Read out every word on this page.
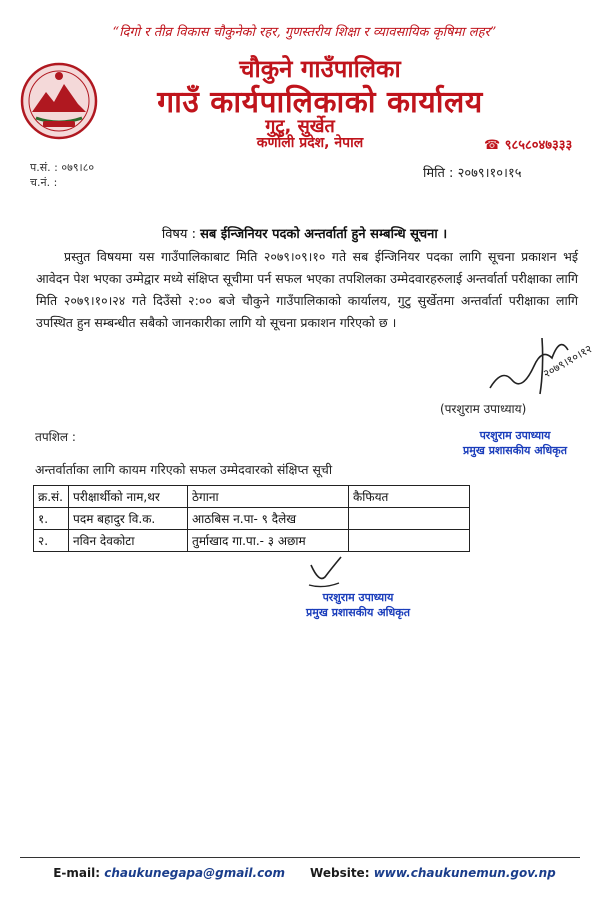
“दिगो र तीव्र विकास चौकुनेको रहर, गुणस्तरीय शिक्षा र व्यावसायिक कृषिमा लहर”
चौकुने गाउँपालिका
गाउँ कार्यपालिकाको कार्यालय
गुटु, सुर्खेत
कर्णाली प्रदेश, नेपाल	☎ ९८५८०४७३३३
प.सं. : ०७९।८०
च.नं. :
मिति : २०७९।१०।१५
विषय : सब ईन्जिनियर पदको अन्तर्वार्ता हुने सम्बन्धि सूचना ।
प्रस्तुत विषयमा यस गाउँपालिकाबाट मिति २०७९।०९।१० गते सब ईन्जिनियर पदका लागि सूचना प्रकाशन भई आवेदन पेश भएका उम्मेद्वार मध्ये संक्षिप्त सूचीमा पर्न सफल भएका तपशिलका उम्मेदवारहरुलाई अन्तर्वार्ता परीक्षाका लागि मिति २०७९।१०।२४ गते दिउँसो २:०० बजे चौकुने गाउँपालिकाको कार्यालय, गुटु सुर्खेतमा अन्तर्वार्ता परीक्षाका लागि उपस्थित हुन सम्बन्धीत सबैको जानकारीका लागि यो सूचना प्रकाशन गरिएको छ ।
२०७९।१०।१२
(परशुराम उपाध्याय)
परशुराम उपाध्याय
प्रमुख प्रशासकीय अधिकृत
तपशिल :
अन्तर्वार्ताका लागि कायम गरिएको सफल उम्मेदवारको संक्षिप्त सूची
क्र.सं.	परीक्षार्थीको नाम,थर	ठेगाना	कैफियत
१.	पदम बहादुर वि.क.	आठबिस न.पा- ९ दैलेख	
२.	नविन देवकोटा	तुर्माखाद गा.पा.- ३ अछाम	
परशुराम उपाध्याय
प्रमुख प्रशासकीय अधिकृत
E-mail: chaukunegapa@gmail.com Website: www.chaukunemun.gov.np
